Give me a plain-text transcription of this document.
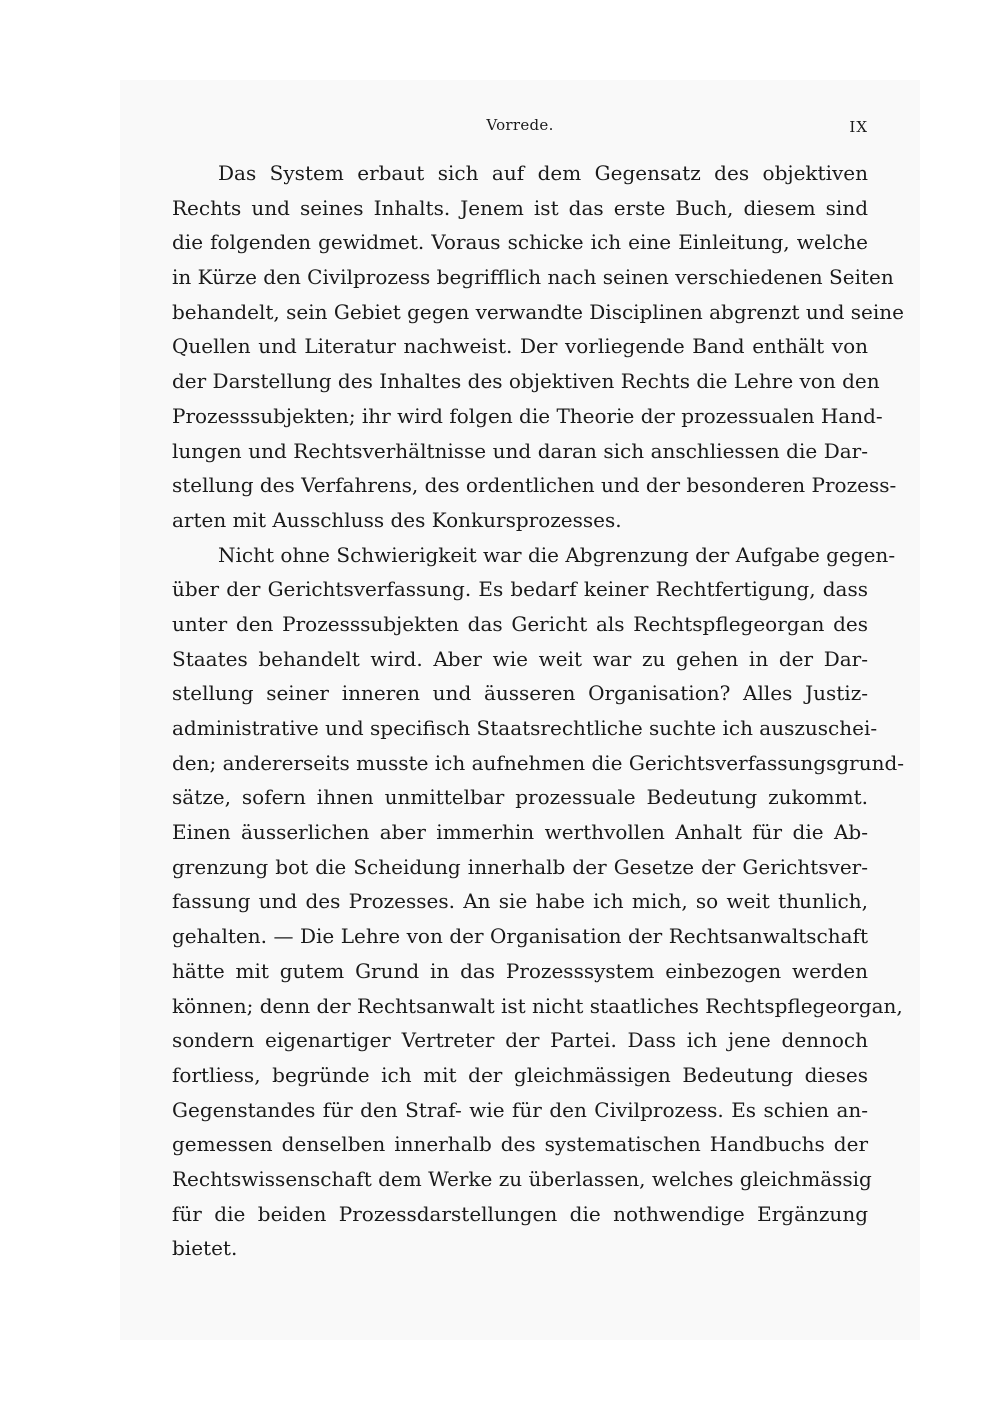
Vorrede.	IX
Das System erbaut sich auf dem Gegensatz des objektiven
Rechts und seines Inhalts. Jenem ist das erste Buch, diesem sind
die folgenden gewidmet. Voraus schicke ich eine Einleitung, welche
in Kürze den Civilprozess begrifflich nach seinen verschiedenen Seiten
behandelt, sein Gebiet gegen verwandte Disciplinen abgrenzt und seine
Quellen und Literatur nachweist. Der vorliegende Band enthält von
der Darstellung des Inhaltes des objektiven Rechts die Lehre von den
Prozesssubjekten; ihr wird folgen die Theorie der prozessualen Hand-
lungen und Rechtsverhältnisse und daran sich anschliessen die Dar-
stellung des Verfahrens, des ordentlichen und der besonderen Prozess-
arten mit Ausschluss des Konkursprozesses.
Nicht ohne Schwierigkeit war die Abgrenzung der Aufgabe gegen-
über der Gerichtsverfassung. Es bedarf keiner Rechtfertigung, dass
unter den Prozesssubjekten das Gericht als Rechtspflegeorgan des
Staates behandelt wird. Aber wie weit war zu gehen in der Dar-
stellung seiner inneren und äusseren Organisation? Alles Justiz-
administrative und specifisch Staatsrechtliche suchte ich auszuschei-
den; andererseits musste ich aufnehmen die Gerichtsverfassungsgrund-
sätze, sofern ihnen unmittelbar prozessuale Bedeutung zukommt.
Einen äusserlichen aber immerhin werthvollen Anhalt für die Ab-
grenzung bot die Scheidung innerhalb der Gesetze der Gerichtsver-
fassung und des Prozesses. An sie habe ich mich, so weit thunlich,
gehalten. — Die Lehre von der Organisation der Rechtsanwaltschaft
hätte mit gutem Grund in das Prozesssystem einbezogen werden
können; denn der Rechtsanwalt ist nicht staatliches Rechtspflegeorgan,
sondern eigenartiger Vertreter der Partei. Dass ich jene dennoch
fortliess, begründe ich mit der gleichmässigen Bedeutung dieses
Gegenstandes für den Straf- wie für den Civilprozess. Es schien an-
gemessen denselben innerhalb des systematischen Handbuchs der
Rechtswissenschaft dem Werke zu überlassen, welches gleichmässig
für die beiden Prozessdarstellungen die nothwendige Ergänzung
bietet.
